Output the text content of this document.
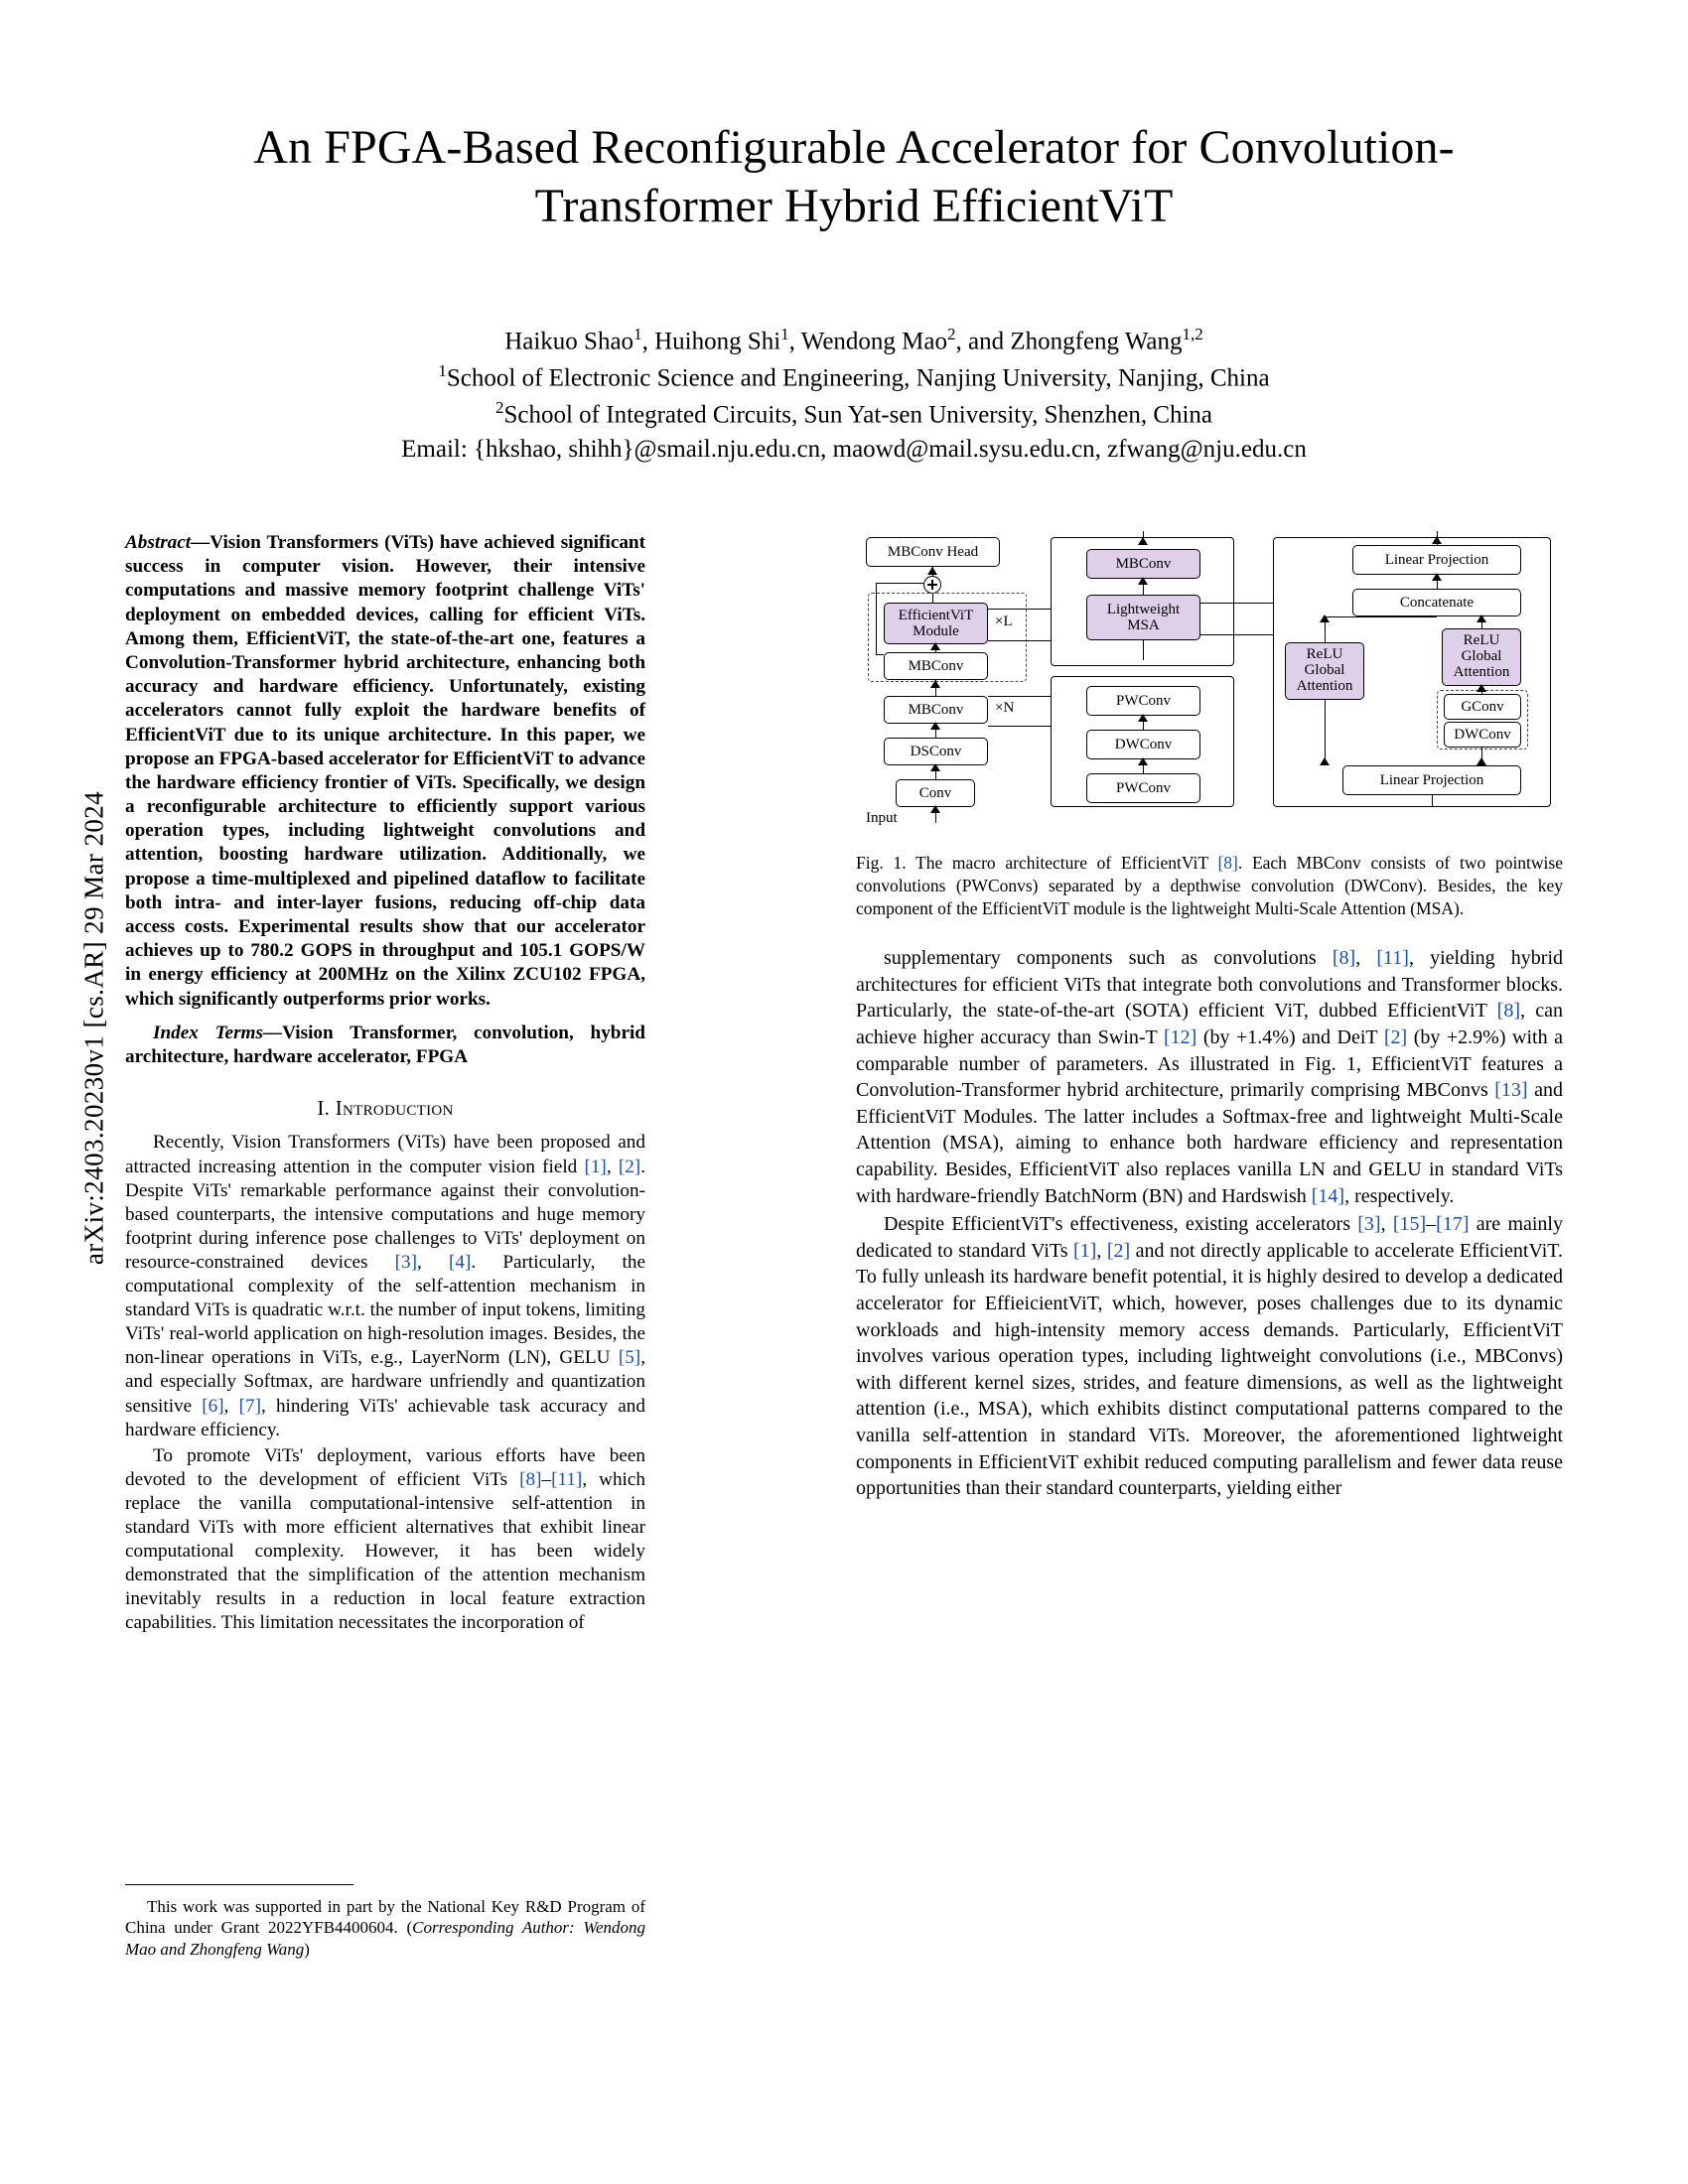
arXiv:2403.20230v1 [cs.AR] 29 Mar 2024
An FPGA-Based Reconfigurable Accelerator for Convolution-Transformer Hybrid EfficientViT
Haikuo Shao$^1$, Huihong Shi$^1$, Wendong Mao$^2$, and Zhongfeng Wang$^{1,2}$
$^1$School of Electronic Science and Engineering, Nanjing University, Nanjing, China
$^2$School of Integrated Circuits, Sun Yat-sen University, Shenzhen, China
Email: {hkshao, shihh}@smail.nju.edu.cn, maowd@mail.sysu.edu.cn, zfwang@nju.edu.cn
Abstract—Vision Transformers (ViTs) have achieved significant success in computer vision. However, their intensive computations and massive memory footprint challenge ViTs' deployment on embedded devices, calling for efficient ViTs. Among them, EfficientViT, the state-of-the-art one, features a Convolution-Transformer hybrid architecture, enhancing both accuracy and hardware efficiency. Unfortunately, existing accelerators cannot fully exploit the hardware benefits of EfficientViT due to its unique architecture. In this paper, we propose an FPGA-based accelerator for EfficientViT to advance the hardware efficiency frontier of ViTs. Specifically, we design a reconfigurable architecture to efficiently support various operation types, including lightweight convolutions and attention, boosting hardware utilization. Additionally, we propose a time-multiplexed and pipelined dataflow to facilitate both intra- and inter-layer fusions, reducing off-chip data access costs. Experimental results show that our accelerator achieves up to 780.2 GOPS in throughput and 105.1 GOPS/W in energy efficiency at 200MHz on the Xilinx ZCU102 FPGA, which significantly outperforms prior works.
Index Terms—Vision Transformer, convolution, hybrid architecture, hardware accelerator, FPGA
I. Introduction

Recently, Vision Transformers (ViTs) have been proposed and attracted increasing attention in the computer vision field [1], [2]. Despite ViTs' remarkable performance against their convolution-based counterparts, the intensive computations and huge memory footprint during inference pose challenges to ViTs' deployment on resource-constrained devices [3], [4]. Particularly, the computational complexity of the self-attention mechanism in standard ViTs is quadratic w.r.t. the number of input tokens, limiting ViTs' real-world application on high-resolution images. Besides, the non-linear operations in ViTs, e.g., LayerNorm (LN), GELU [5], and especially Softmax, are hardware unfriendly and quantization sensitive [6], [7], hindering ViTs' achievable task accuracy and hardware efficiency.

To promote ViTs' deployment, various efforts have been devoted to the development of efficient ViTs [8]–[11], which replace the vanilla computational-intensive self-attention in standard ViTs with more efficient alternatives that exhibit linear computational complexity. However, it has been widely demonstrated that the simplification of the attention mechanism inevitably results in a reduction in local feature extraction capabilities. This limitation necessitates the incorporation of

This work was supported in part by the National Key R&D Program of China under Grant 2022YFB4400604. (Corresponding Author: Wendong Mao and Zhongfeng Wang)
MBConv Head
EfficientViT
Module
MBConv
×L
MBConv ×N
DSConv
Conv
Input
MBConv
Lightweight
MSA
PWConv
DWConv
PWConv
Linear Projection
Concatenate
ReLU
Global
Attention
ReLU
Global
Attention
GConv
DWConv
Linear Projection
Fig. 1. The macro architecture of EfficientViT [8]. Each MBConv consists of two pointwise convolutions (PWConvs) separated by a depthwise convolution (DWConv). Besides, the key component of the EfficientViT module is the lightweight Multi-Scale Attention (MSA).

supplementary components such as convolutions [8], [11], yielding hybrid architectures for efficient ViTs that integrate both convolutions and Transformer blocks. Particularly, the state-of-the-art (SOTA) efficient ViT, dubbed EfficientViT [8], can achieve higher accuracy than Swin-T [12] (by +1.4%) and DeiT [2] (by +2.9%) with a comparable number of parameters. As illustrated in Fig. 1, EfficientViT features a Convolution-Transformer hybrid architecture, primarily comprising MBConvs [13] and EfficientViT Modules. The latter includes a Softmax-free and lightweight Multi-Scale Attention (MSA), aiming to enhance both hardware efficiency and representation capability. Besides, EfficientViT also replaces vanilla LN and GELU in standard ViTs with hardware-friendly BatchNorm (BN) and Hardswish [14], respectively.

Despite EfficientViT's effectiveness, existing accelerators [3], [15]–[17] are mainly dedicated to standard ViTs [1], [2] and not directly applicable to accelerate EfficientViT. To fully unleash its hardware benefit potential, it is highly desired to develop a dedicated accelerator for EffieicientViT, which, however, poses challenges due to its dynamic workloads and high-intensity memory access demands. Particularly, EfficientViT involves various operation types, including lightweight convolutions (i.e., MBConvs) with different kernel sizes, strides, and feature dimensions, as well as the lightweight attention (i.e., MSA), which exhibits distinct computational patterns compared to the vanilla self-attention in standard ViTs. Moreover, the aforementioned lightweight components in EfficientViT exhibit reduced computing parallelism and fewer data reuse opportunities than their standard counterparts, yielding either
